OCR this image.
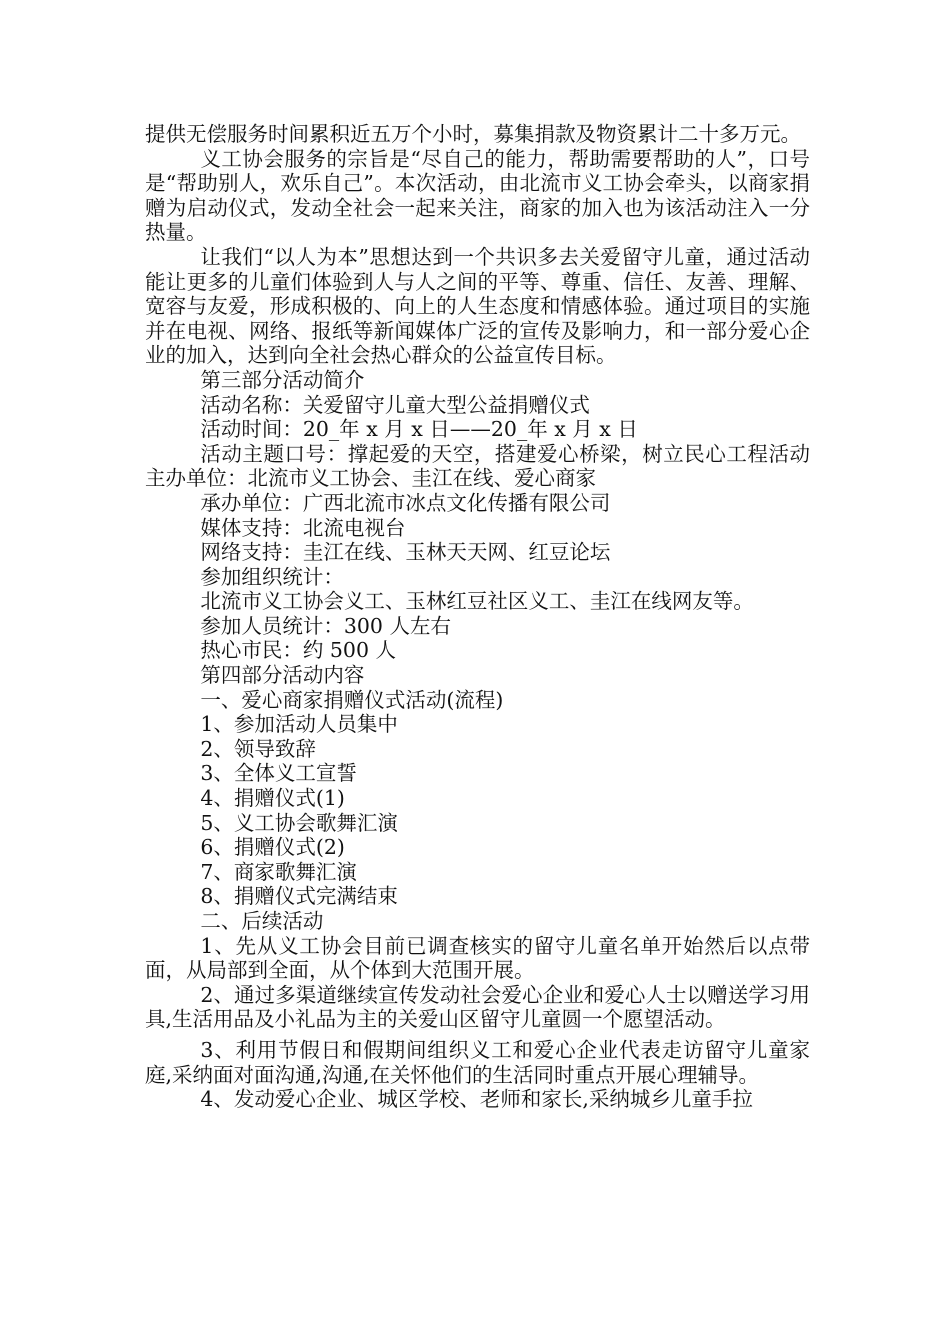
提供无偿服务时间累积近五万个小时，募集捐款及物资累计二十多万元。

义工协会服务的宗旨是“尽自己的能力，帮助需要帮助的人”，口号是“帮助别人，欢乐自己”。本次活动，由北流市义工协会牵头，以商家捐赠为启动仪式，发动全社会一起来关注，商家的加入也为该活动注入一分热量。

让我们“以人为本”思想达到一个共识多去关爱留守儿童，通过活动能让更多的儿童们体验到人与人之间的平等、尊重、信任、友善、理解、宽容与友爱，形成积极的、向上的人生态度和情感体验。通过项目的实施并在电视、网络、报纸等新闻媒体广泛的宣传及影响力，和一部分爱心企业的加入，达到向全社会热心群众的公益宣传目标。

第三部分活动简介

活动名称：关爱留守儿童大型公益捐赠仪式

活动时间：20_年 x 月 x 日——20_年 x 月 x 日

活动主题口号：撑起爱的天空，搭建爱心桥梁，树立民心工程活动主办单位：北流市义工协会、圭江在线、爱心商家

承办单位：广西北流市冰点文化传播有限公司

媒体支持：北流电视台

网络支持：圭江在线、玉林天天网、红豆论坛

参加组织统计：

北流市义工协会义工、玉林红豆社区义工、圭江在线网友等。

参加人员统计：300 人左右

热心市民：约 500 人

第四部分活动内容

一、爱心商家捐赠仪式活动(流程)

1、参加活动人员集中

2、领导致辞

3、全体义工宣誓

4、捐赠仪式(1)

5、义工协会歌舞汇演

6、捐赠仪式(2)

7、商家歌舞汇演

8、捐赠仪式完满结束

二、后续活动

1、先从义工协会目前已调查核实的留守儿童名单开始然后以点带面，从局部到全面，从个体到大范围开展。

2、通过多渠道继续宣传发动社会爱心企业和爱心人士以赠送学习用具,生活用品及小礼品为主的关爱山区留守儿童圆一个愿望活动。

3、利用节假日和假期间组织义工和爱心企业代表走访留守儿童家庭,采纳面对面沟通,沟通,在关怀他们的生活同时重点开展心理辅导。

4、发动爱心企业、城区学校、老师和家长,采纳城乡儿童手拉
